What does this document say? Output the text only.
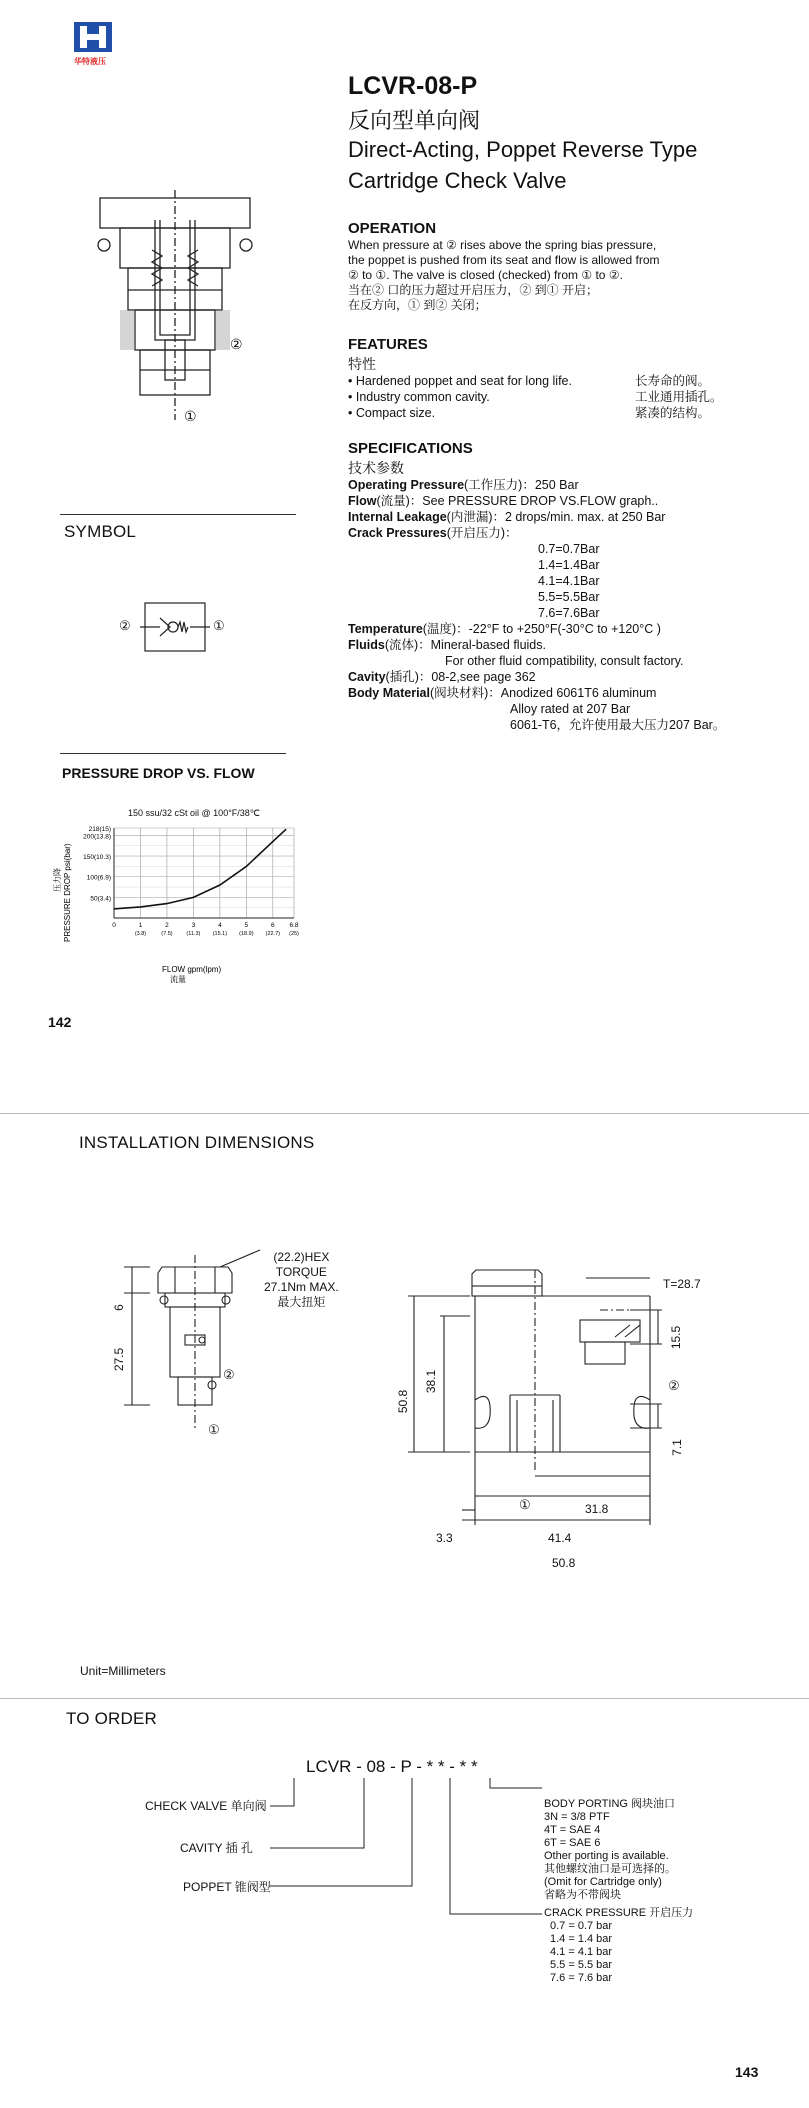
华特液压
LCVR-08-P
反向型单向阀
Direct-Acting, Poppet Reverse Type
Cartridge Check Valve
②
①
OPERATION
When pressure at ② rises above the spring bias pressure,
the poppet is pushed from its seat and flow is allowed from
② to ①. The valve is closed (checked) from ① to ②.
当在② 口的压力超过开启压力，② 到① 开启；
在反方向，① 到② 关闭；
FEATURES
特性
• Hardened poppet and seat for long life.	长寿命的阀。
• Industry common cavity.	工业通用插孔。
• Compact size.	紧凑的结构。
SPECIFICATIONS
技术参数
Operating Pressure(工作压力)：250 Bar
Flow(流量)：See PRESSURE DROP VS.FLOW graph..
Internal Leakage(内泄漏)：2 drops/min. max. at 250 Bar
Crack Pressures(开启压力)：
0.7=0.7Bar
1.4=1.4Bar
4.1=4.1Bar
5.5=5.5Bar
7.6=7.6Bar
Temperature(温度)：-22°F to +250°F(-30°C to +120°C )
Fluids(流体)：Mineral-based fluids.
For other fluid compatibility, consult factory.
Cavity(插孔)：08-2,see page 362
Body Material(阀块材料)：Anodized 6061T6 aluminum
Alloy rated at 207 Bar
6061-T6，允许使用最大压力207 Bar。
SYMBOL
②	①
PRESSURE DROP VS. FLOW
150 ssu/32 cSt oil @ 100°F/38℃
50(3.4)
100(6.9)
150(10.3)
200(13.8)
218(15)
0	1
(3.8)
2
(7.5)
3
(11.3)
4
(15.1)
5
(18.9)
6
(22.7)
6.8
(25)
PRESSURE DROP psi(bar)
压力降
FLOW gpm(lpm)
流量
142
INSTALLATION DIMENSIONS
(22.2)HEX
TORQUE
27.1Nm MAX.
最大扭矩
6
27.5
②
①
T=28.7
15.5
②
50.8
38.1
7.1
①	31.8
3.3	41.4
50.8
Unit=Millimeters
TO ORDER
LCVR - 08 - P - * * - * *
CHECK VALVE 单向阀
CAVITY 插 孔
POPPET 锥阀型
BODY PORTING 阀块油口
3N = 3/8 PTF
4T = SAE 4
6T = SAE 6
Other porting is available.
其他螺纹油口是可选择的。
(Omit for Cartridge only)
省略为不带阀块
CRACK PRESSURE 开启压力
0.7 = 0.7 bar
1.4 = 1.4 bar
4.1 = 4.1 bar
5.5 = 5.5 bar
7.6 = 7.6 bar
143
